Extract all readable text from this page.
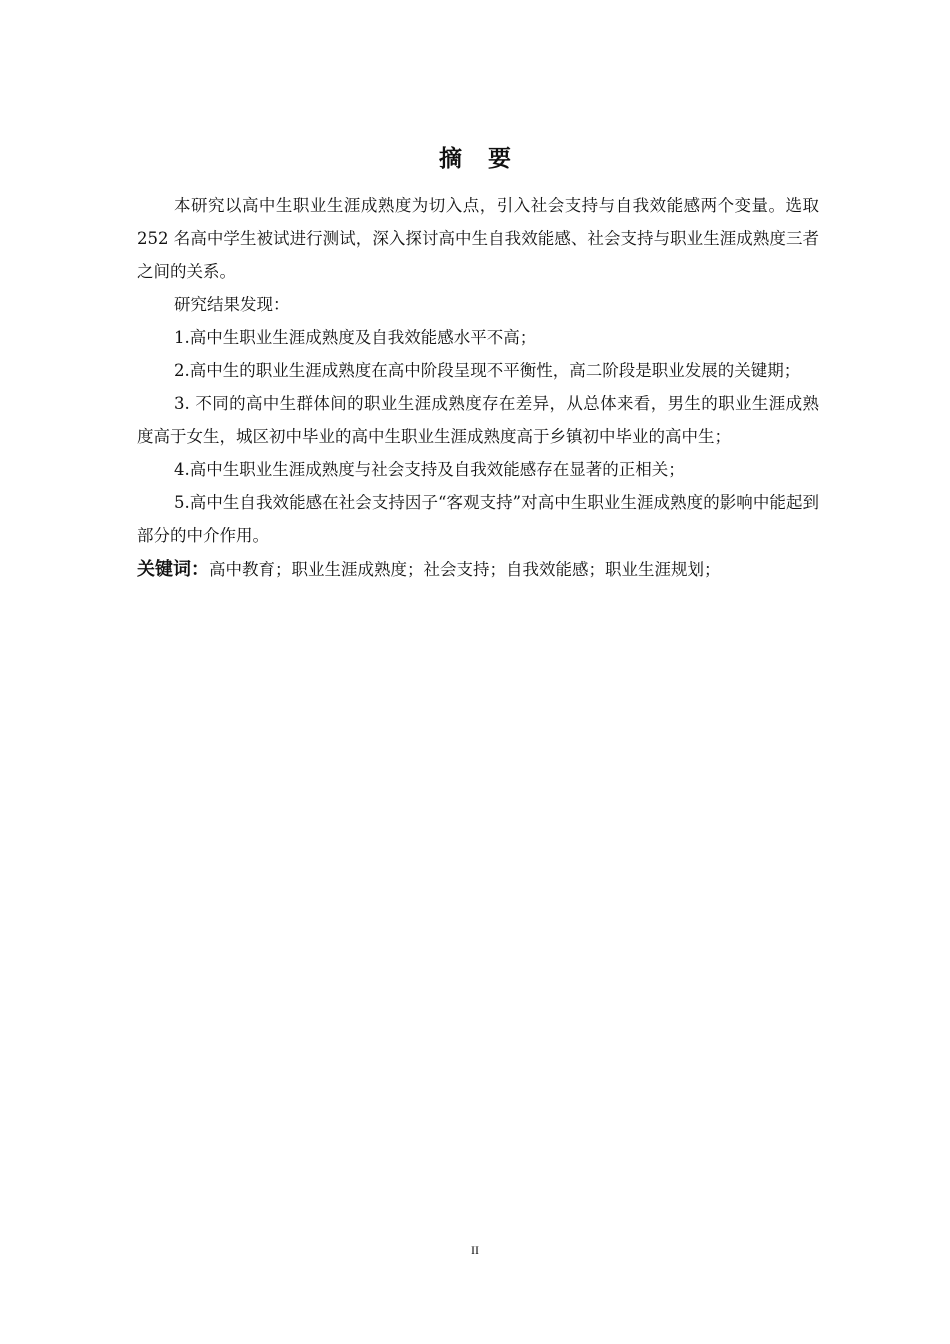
摘要

本研究以高中生职业生涯成熟度为切入点，引入社会支持与自我效能感两个变量。选取 252 名高中学生被试进行测试，深入探讨高中生自我效能感、社会支持与职业生涯成熟度三者之间的关系。

研究结果发现：

1.高中生职业生涯成熟度及自我效能感水平不高；

2.高中生的职业生涯成熟度在高中阶段呈现不平衡性，高二阶段是职业发展的关键期；

3. 不同的高中生群体间的职业生涯成熟度存在差异，从总体来看，男生的职业生涯成熟度高于女生，城区初中毕业的高中生职业生涯成熟度高于乡镇初中毕业的高中生；

4.高中生职业生涯成熟度与社会支持及自我效能感存在显著的正相关；

5.高中生自我效能感在社会支持因子“客观支持”对高中生职业生涯成熟度的影响中能起到部分的中介作用。

关键词：高中教育；职业生涯成熟度；社会支持；自我效能感；职业生涯规划；

II
